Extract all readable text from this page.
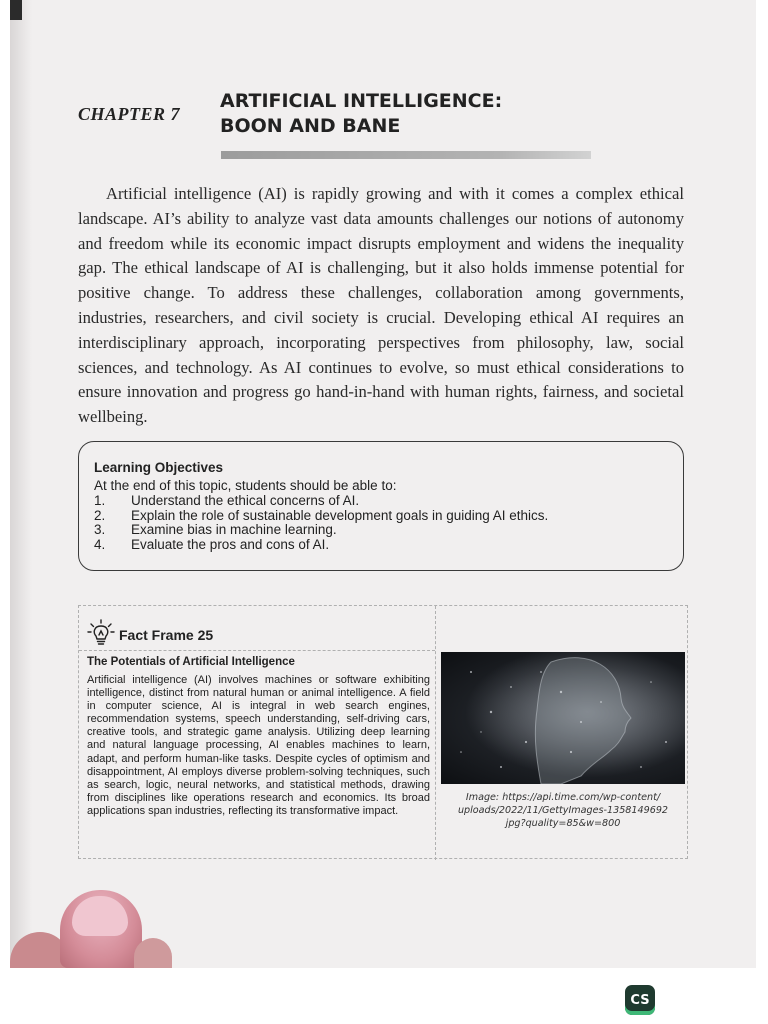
CHAPTER 7
ARTIFICIAL INTELLIGENCE:
BOON AND BANE

Artificial intelligence (AI) is rapidly growing and with it comes a complex ethical landscape. AI’s ability to analyze vast data amounts challenges our notions of autonomy and freedom while its economic impact disrupts employment and widens the inequality gap. The ethical landscape of AI is challenging, but it also holds immense potential for positive change. To address these challenges, collaboration among governments, industries, researchers, and civil society is crucial. Developing ethical AI requires an interdisciplinary approach, incorporating perspectives from philosophy, law, social sciences, and technology. As AI continues to evolve, so must ethical considerations to ensure innovation and progress go hand-in-hand with human rights, fairness, and societal wellbeing.

Learning Objectives
At the end of this topic, students should be able to:
1.	Understand the ethical concerns of AI.
2.	Explain the role of sustainable development goals in guiding AI ethics.
3.	Examine bias in machine learning.
4.	Evaluate the pros and cons of AI.
Fact Frame 25
The Potentials of Artificial Intelligence

Artificial intelligence (AI) involves machines or software exhibiting intelligence, distinct from natural human or animal intelligence. A field in computer science, AI is integral in web search engines, recommendation systems, speech understanding, self-driving cars, creative tools, and strategic game analysis. Utilizing deep learning and natural language processing, AI enables machines to learn, adapt, and perform human-like tasks. Despite cycles of optimism and disappointment, AI employs diverse problem-solving techniques, such as search, logic, neural networks, and statistical methods, drawing from disciplines like operations research and economics. Its broad applications span industries, reflecting its transformative impact.

Image: https://api.time.com/wp-content/
uploads/2022/11/GettyImages-1358149692
jpg?quality=85&w=800
CS
